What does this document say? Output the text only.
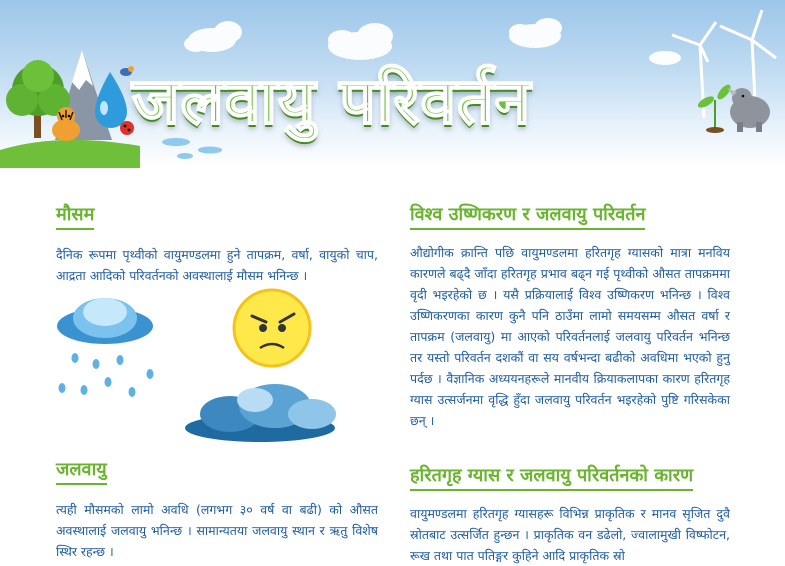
जलवायु परिवर्तन
मौसम
दैनिक रूपमा पृथ्वीको वायुमण्डलमा हुने तापक्रम, वर्षा, वायुको चाप, आद्रता आदिको परिवर्तनको अवस्थालाई मौसम भनिन्छ ।
जलवायु
त्यही मौसमको लामो अवधि (लगभग ३० वर्ष वा बढी) को औसत अवस्थालाई जलवायु भनिन्छ । सामान्यतया जलवायु स्थान र ऋतु विशेष स्थिर रहन्छ ।
विश्व उष्णिकरण र जलवायु परिवर्तन
औद्योगीक क्रान्ति पछि वायुमण्डलमा हरितगृह ग्यासको मात्रा मनविय कारणले बढ्दै जाँदा हरितगृह प्रभाव बढ्न गई पृथ्वीको औसत तापक्रममा वृदी भइरहेको छ । यसै प्रक्रियालाई विश्व उष्णिकरण भनिन्छ । विश्व उष्णिकरणका कारण कुनै पनि ठाउँमा लामो समयसम्म औसत वर्षा र तापक्रम (जलवायु) मा आएको परिवर्तनलाई जलवायु परिवर्तन भनिन्छ तर यस्तो परिवर्तन दशकौं वा सय वर्षभन्दा बढीको अवधिमा भएको हुनु पर्दछ । वैज्ञानिक अध्ययनहरूले मानवीय क्रियाकलापका कारण हरितगृह ग्यास उत्सर्जनमा वृद्धि हुँदा जलवायु परिवर्तन भइरहेको पुष्टि गरिसकेका छन् ।
हरितगृह ग्यास र जलवायु परिवर्तनको कारण
वायुमण्डलमा हरितगृह ग्यासहरू विभिन्न प्राकृतिक र मानव सृजित दुवै स्रोतबाट उत्सर्जित हुन्छन । प्राकृतिक वन डढेलो, ज्वालामुखी विष्फोटन, रूख तथा पात पतिङ्गर कुहिने आदि प्राकृतिक स्रो
